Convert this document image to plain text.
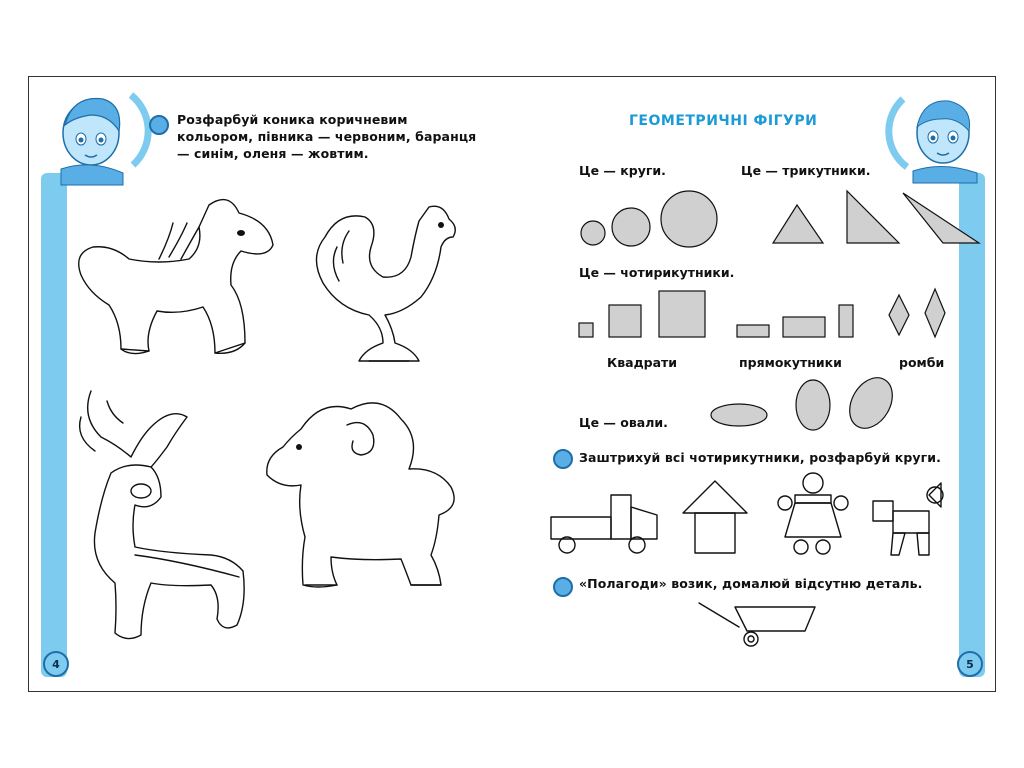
Розфарбуй коника коричневим кольором, півника — червоним, баранця — синім, оленя — жовтим.
4
ГЕОМЕТРИЧНІ ФІГУРИ
Це — круги.	Це — трикутники.
Це — чотирикутники.
Квадрати	прямокутники	ромби
Це — овали.
Заштрихуй всі чотирикутники, розфарбуй круги.
«Полагоди» возик, домалюй відсутню деталь.
5
